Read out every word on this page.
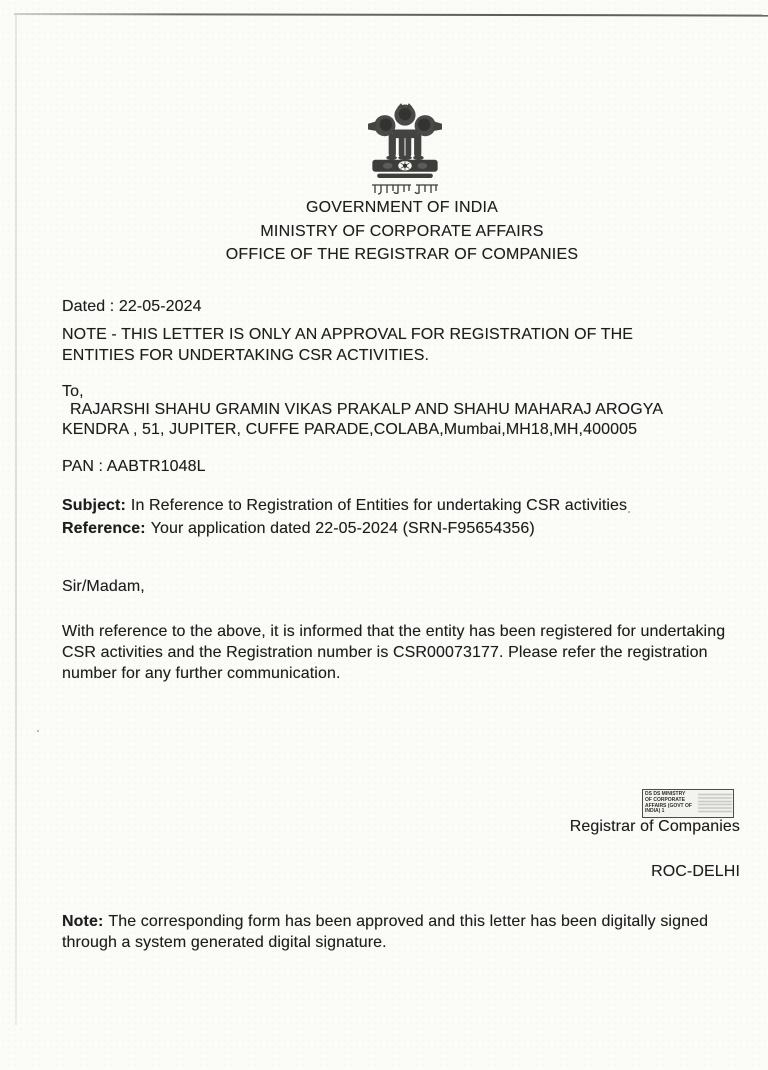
GOVERNMENT OF INDIA
MINISTRY OF CORPORATE AFFAIRS
OFFICE OF THE REGISTRAR OF COMPANIES
Dated : 22-05-2024
NOTE - THIS LETTER IS ONLY AN APPROVAL FOR REGISTRATION OF THE
ENTITIES FOR UNDERTAKING CSR ACTIVITIES.
To,
RAJARSHI SHAHU GRAMIN VIKAS PRAKALP AND SHAHU MAHARAJ AROGYA
KENDRA , 51, JUPITER, CUFFE PARADE,COLABA,Mumbai,MH18,MH,400005
PAN : AABTR1048L
Subject: In Reference to Registration of Entities for undertaking CSR activities
Reference: Your application dated 22-05-2024 (SRN-F95654356)
Sir/Madam,
With reference to the above, it is informed that the entity has been registered for undertaking
CSR activities and the Registration number is CSR00073177. Please refer the registration
number for any further communication.
DS DS MINISTRY
OF CORPORATE
AFFAIRS (GOVT OF
INDIA) 1
Registrar of Companies
ROC-DELHI
Note: The corresponding form has been approved and this letter has been digitally signed
through a system generated digital signature.
